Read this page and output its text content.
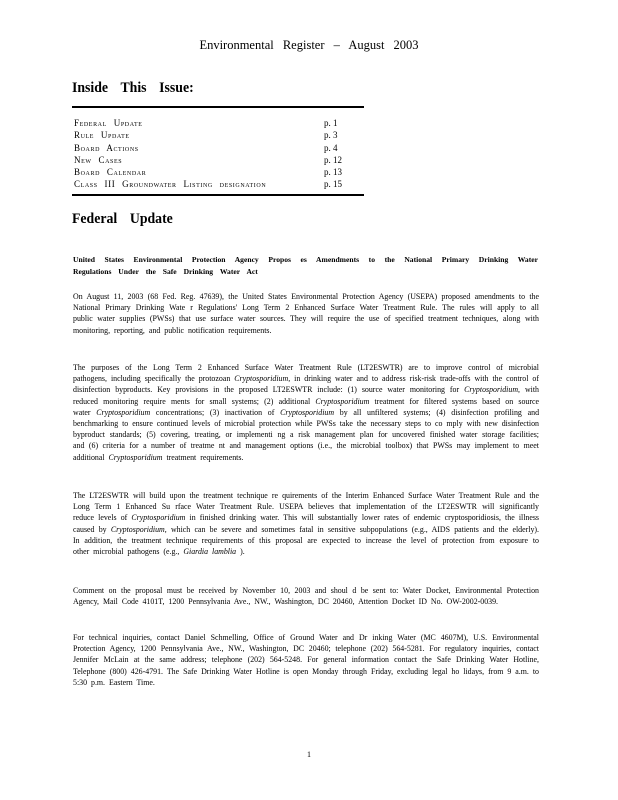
Environmental Register – August 2003
Inside This Issue:
Federal Update	p. 1
Rule Update	p. 3
Board Actions	p. 4
New Cases	p. 12
Board Calendar	p. 13
Class III Groundwater Listing designation	p. 15
Federal Update
United States Environmental Protection Agency Propos es Amendments to the National Primary Drinking Water Regulations Under the Safe Drinking Water Act
On August 11, 2003 (68 Fed. Reg. 47639), the United States Environmental Protection Agency (USEPA) proposed amendments to the National Primary Drinking Wate r Regulations' Long Term 2 Enhanced Surface Water Treatment Rule. The rules will apply to all public water supplies (PWSs) that use surface water sources. They will require the use of specified treatment techniques, along with monitoring, reporting, and public notification requirements.
The purposes of the Long Term 2 Enhanced Surface Water Treatment Rule (LT2ESWTR) are to improve control of microbial pathogens, including specifically the protozoan Cryptosporidium, in drinking water and to address risk-risk trade-offs with the control of disinfection byproducts. Key provisions in the proposed LT2ESWTR include: (1) source water monitoring for Cryptosporidium, with reduced monitoring require ments for small systems; (2) additional Cryptosporidium treatment for filtered systems based on source water Cryptosporidium concentrations; (3) inactivation of Cryptosporidium by all unfiltered systems; (4) disinfection profiling and benchmarking to ensure continued levels of microbial protection while PWSs take the necessary steps to co mply with new disinfection byproduct standards; (5) covering, treating, or implementi ng a risk management plan for uncovered finished water storage facilities; and (6) criteria for a number of treatme nt and management options (i.e., the microbial toolbox) that PWSs may implement to meet additional Cryptosporidium treatment requirements.
The LT2ESWTR will build upon the treatment technique re quirements of the Interim Enhanced Surface Water Treatment Rule and the Long Term 1 Enhanced Su rface Water Treatment Rule. USEPA believes that implementation of the LT2ESWTR will significantly reduce levels of Cryptosporidium in finished drinking water. This will substantially lower rates of endemic cryptosporidiosis, the illness caused by Cryptosporidium, which can be severe and sometimes fatal in sensitive subpopulations (e.g., AIDS patients and the elderly). In addition, the treatment technique requirements of this proposal are expected to increase the level of protection from exposure to other microbial pathogens (e.g., Giardia lamblia ).
Comment on the proposal must be received by November 10, 2003 and shoul d be sent to: Water Docket, Environmental Protection Agency, Mail Code 4101T, 1200 Pennsylvania Ave., NW., Washington, DC 20460, Attention Docket ID No. OW-2002-0039.
For technical inquiries, contact Daniel Schmelling, Office of Ground Water and Dr inking Water (MC 4607M), U.S. Environmental Protection Agency, 1200 Pennsylvania Ave., NW., Washington, DC 20460; telephone (202) 564-5281. For regulatory inquiries, contact Jennifer McLain at the same address; telephone (202) 564-5248. For general information contact the Safe Drinking Water Hotline, Telephone (800) 426-4791. The Safe Drinking Water Hotline is open Monday through Friday, excluding legal ho lidays, from 9 a.m. to 5:30 p.m. Eastern Time.
1
